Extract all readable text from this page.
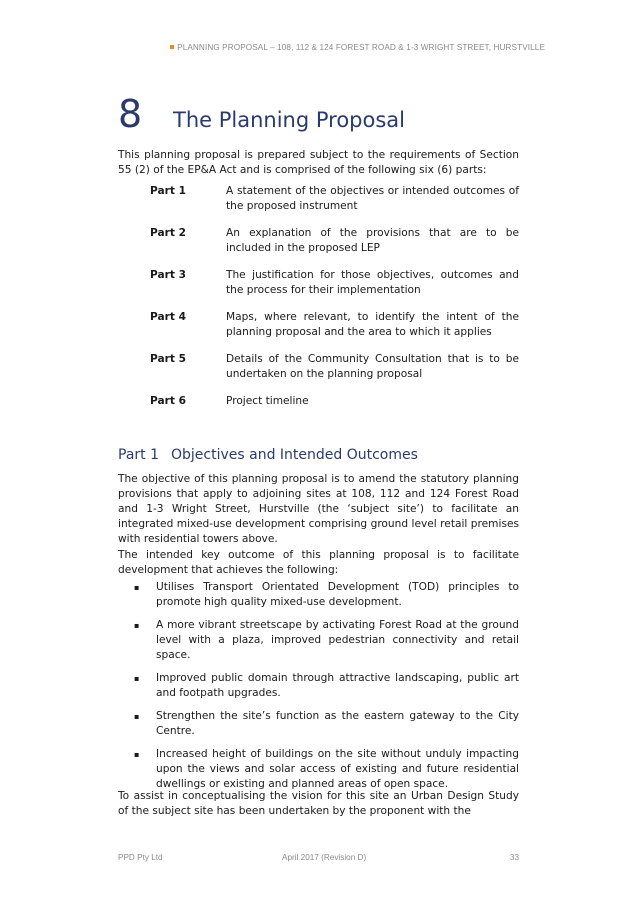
PLANNING PROPOSAL – 108, 112 & 124 FOREST ROAD & 1-3 WRIGHT STREET, HURSTVILLE
8	The Planning Proposal
This planning proposal is prepared subject to the requirements of Section 55 (2) of the EP&A Act and is comprised of the following six (6) parts:
Part 1	A statement of the objectives or intended outcomes of the proposed instrument
Part 2	An explanation of the provisions that are to be included in the proposed LEP
Part 3	The justification for those objectives, outcomes and the process for their implementation
Part 4	Maps, where relevant, to identify the intent of the planning proposal and the area to which it applies
Part 5	Details of the Community Consultation that is to be undertaken on the planning proposal
Part 6	Project timeline
Part 1 Objectives and Intended Outcomes
The objective of this planning proposal is to amend the statutory planning provisions that apply to adjoining sites at 108, 112 and 124 Forest Road and 1-3 Wright Street, Hurstville (the ‘subject site’) to facilitate an integrated mixed-use development comprising ground level retail premises with residential towers above.
The intended key outcome of this planning proposal is to facilitate development that achieves the following:
▪	Utilises Transport Orientated Development (TOD) principles to promote high quality mixed-use development.
▪	A more vibrant streetscape by activating Forest Road at the ground level with a plaza, improved pedestrian connectivity and retail space.
▪	Improved public domain through attractive landscaping, public art and footpath upgrades.
▪	Strengthen the site’s function as the eastern gateway to the City Centre.
▪	Increased height of buildings on the site without unduly impacting upon the views and solar access of existing and future residential dwellings or existing and planned areas of open space.
To assist in conceptualising the vision for this site an Urban Design Study of the subject site has been undertaken by the proponent with the
PPD Pty Ltd	April 2017 (Revision D)	33
